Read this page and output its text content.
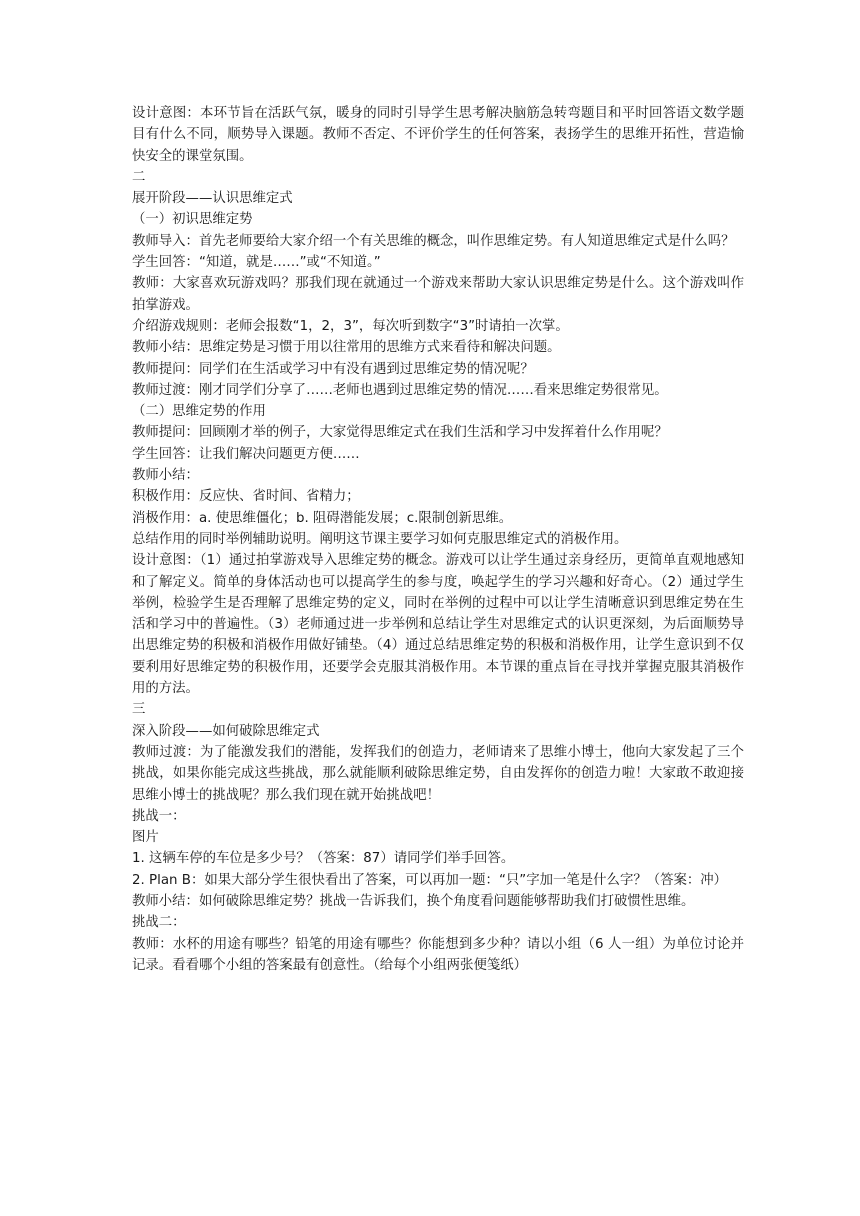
设计意图：本环节旨在活跃气氛，暖身的同时引导学生思考解决脑筋急转弯题目和平时回答语文数学题目有什么不同，顺势导入课题。教师不否定、不评价学生的任何答案，表扬学生的思维开拓性，营造愉快安全的课堂氛围。

二

展开阶段——认识思维定式

（一）初识思维定势

教师导入：首先老师要给大家介绍一个有关思维的概念，叫作思维定势。有人知道思维定式是什么吗？

学生回答：“知道，就是……”或“不知道。”

教师：大家喜欢玩游戏吗？那我们现在就通过一个游戏来帮助大家认识思维定势是什么。这个游戏叫作拍掌游戏。

介绍游戏规则：老师会报数“1，2，3”，每次听到数字“3”时请拍一次掌。

教师小结：思维定势是习惯于用以往常用的思维方式来看待和解决问题。

教师提问：同学们在生活或学习中有没有遇到过思维定势的情况呢？

教师过渡：刚才同学们分享了……老师也遇到过思维定势的情况……看来思维定势很常见。

（二）思维定势的作用

教师提问：回顾刚才举的例子，大家觉得思维定式在我们生活和学习中发挥着什么作用呢？

学生回答：让我们解决问题更方便……

教师小结：

积极作用：反应快、省时间、省精力；

消极作用：a. 使思维僵化；b. 阻碍潜能发展；c.限制创新思维。

总结作用的同时举例辅助说明。阐明这节课主要学习如何克服思维定式的消极作用。

设计意图：（1）通过拍掌游戏导入思维定势的概念。游戏可以让学生通过亲身经历，更简单直观地感知和了解定义。简单的身体活动也可以提高学生的参与度，唤起学生的学习兴趣和好奇心。（2）通过学生举例，检验学生是否理解了思维定势的定义，同时在举例的过程中可以让学生清晰意识到思维定势在生活和学习中的普遍性。（3）老师通过进一步举例和总结让学生对思维定式的认识更深刻，为后面顺势导出思维定势的积极和消极作用做好铺垫。（4）通过总结思维定势的积极和消极作用，让学生意识到不仅要利用好思维定势的积极作用，还要学会克服其消极作用。本节课的重点旨在寻找并掌握克服其消极作用的方法。

三

深入阶段——如何破除思维定式

教师过渡：为了能激发我们的潜能，发挥我们的创造力，老师请来了思维小博士，他向大家发起了三个挑战，如果你能完成这些挑战，那么就能顺利破除思维定势，自由发挥你的创造力啦！大家敢不敢迎接思维小博士的挑战呢？那么我们现在就开始挑战吧！

挑战一：

图片

1. 这辆车停的车位是多少号？（答案：87）请同学们举手回答。

2. Plan B：如果大部分学生很快看出了答案，可以再加一题：“只”字加一笔是什么字？（答案：冲）

教师小结：如何破除思维定势？挑战一告诉我们，换个角度看问题能够帮助我们打破惯性思维。

挑战二：

教师：水杯的用途有哪些？铅笔的用途有哪些？你能想到多少种？请以小组（6 人一组）为单位讨论并记录。看看哪个小组的答案最有创意性。（给每个小组两张便笺纸）
